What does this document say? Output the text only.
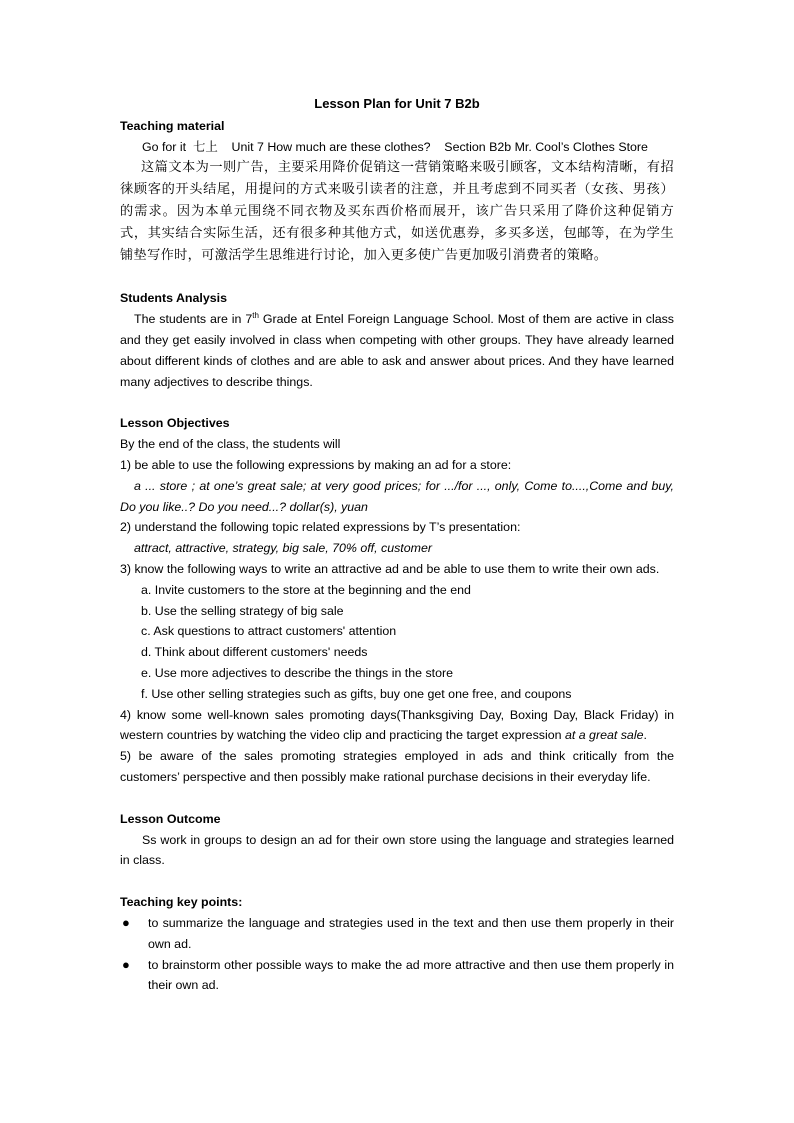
Lesson Plan for Unit 7 B2b

Teaching material

Go for it  七上    Unit 7 How much are these clothes?    Section B2b Mr. Cool’s Clothes Store

这篇文本为一则广告，主要采用降价促销这一营销策略来吸引顾客，文本结构清晰，有招徕顾客的开头结尾，用提问的方式来吸引读者的注意，并且考虑到不同买者（女孩、男孩）的需求。因为本单元围绕不同衣物及买东西价格而展开，该广告只采用了降价这种促销方式，其实结合实际生活，还有很多种其他方式，如送优惠券，多买多送，包邮等，在为学生铺垫写作时，可激活学生思维进行讨论，加入更多使广告更加吸引消费者的策略。

Students Analysis

The students are in 7th Grade at Entel Foreign Language School. Most of them are active in class and they get easily involved in class when competing with other groups. They have already learned about different kinds of clothes and are able to ask and answer about prices. And they have learned many adjectives to describe things.

Lesson Objectives

By the end of the class, the students will

1) be able to use the following expressions by making an ad for a store:

a ... store ; at one’s great sale; at very good prices; for .../for ..., only, Come to....,Come and buy, Do you like..? Do you need...? dollar(s), yuan

2) understand the following topic related expressions by T’s presentation:

attract, attractive, strategy, big sale, 70% off, customer

3) know the following ways to write an attractive ad and be able to use them to write their own ads.

a. Invite customers to the store at the beginning and the end

b. Use the selling strategy of big sale

c. Ask questions to attract customers' attention

d. Think about different customers' needs

e. Use more adjectives to describe the things in the store

f. Use other selling strategies such as gifts, buy one get one free, and coupons

4) know some well-known sales promoting days(Thanksgiving Day, Boxing Day, Black Friday) in western countries by watching the video clip and practicing the target expression at a great sale.

5) be aware of the sales promoting strategies employed in ads and think critically from the customers’ perspective and then possibly make rational purchase decisions in their everyday life.

Lesson Outcome

Ss work in groups to design an ad for their own store using the language and strategies learned in class.

Teaching key points:

● to summarize the language and strategies used in the text and then use them properly in their own ad.
● to brainstorm other possible ways to make the ad more attractive and then use them properly in their own ad.
